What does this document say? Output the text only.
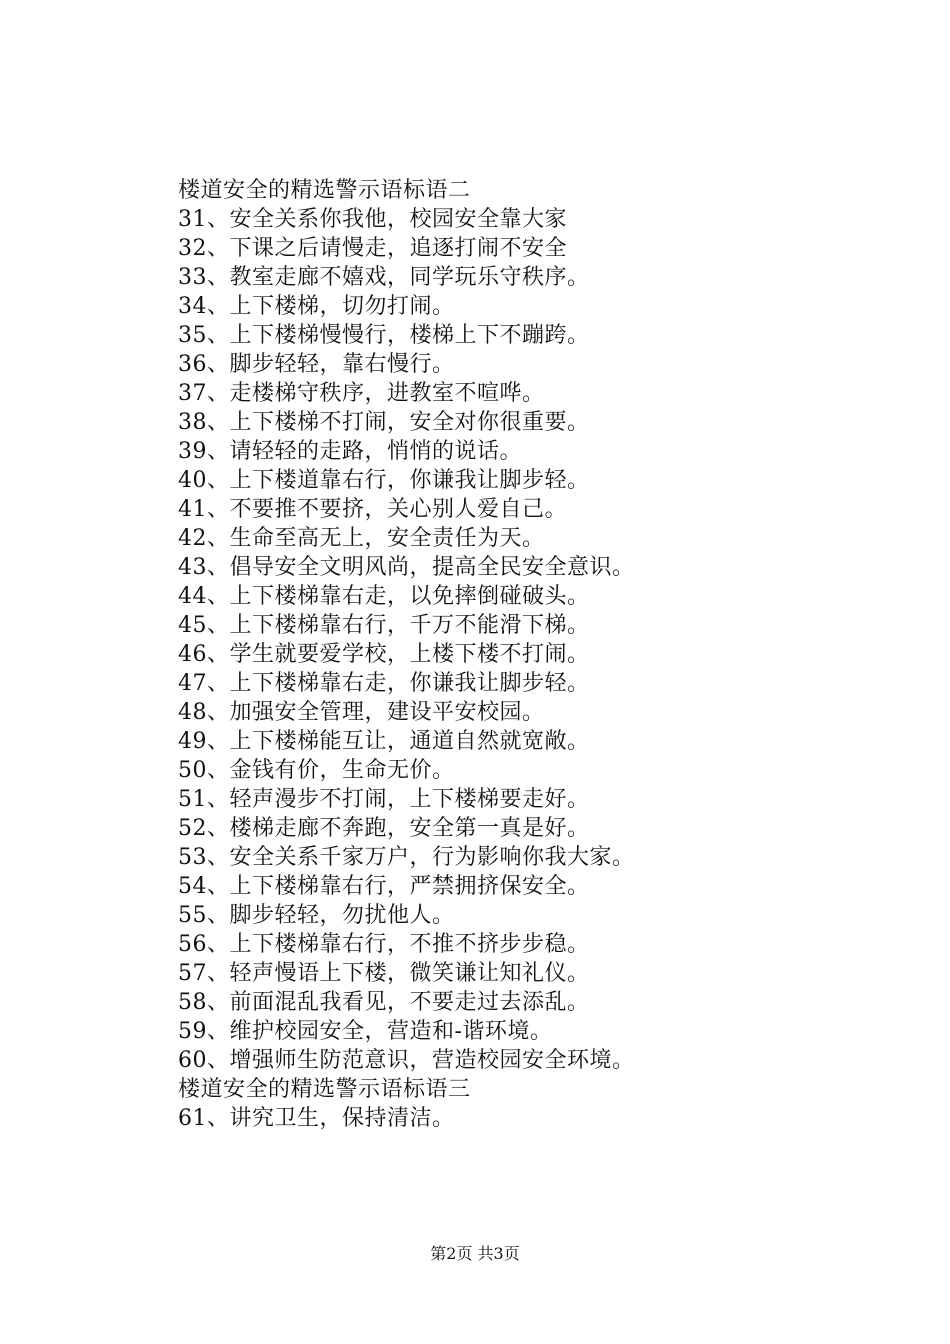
楼道安全的精选警示语标语二
31、安全关系你我他，校园安全靠大家
32、下课之后请慢走，追逐打闹不安全
33、教室走廊不嬉戏，同学玩乐守秩序。
34、上下楼梯，切勿打闹。
35、上下楼梯慢慢行，楼梯上下不蹦跨。
36、脚步轻轻，靠右慢行。
37、走楼梯守秩序，进教室不喧哗。
38、上下楼梯不打闹，安全对你很重要。
39、请轻轻的走路，悄悄的说话。
40、上下楼道靠右行，你谦我让脚步轻。
41、不要推不要挤，关心别人爱自己。
42、生命至高无上，安全责任为天。
43、倡导安全文明风尚，提高全民安全意识。
44、上下楼梯靠右走，以免摔倒碰破头。
45、上下楼梯靠右行，千万不能滑下梯。
46、学生就要爱学校，上楼下楼不打闹。
47、上下楼梯靠右走，你谦我让脚步轻。
48、加强安全管理，建设平安校园。
49、上下楼梯能互让，通道自然就宽敞。
50、金钱有价，生命无价。
51、轻声漫步不打闹，上下楼梯要走好。
52、楼梯走廊不奔跑，安全第一真是好。
53、安全关系千家万户，行为影响你我大家。
54、上下楼梯靠右行，严禁拥挤保安全。
55、脚步轻轻，勿扰他人。
56、上下楼梯靠右行，不推不挤步步稳。
57、轻声慢语上下楼，微笑谦让知礼仪。
58、前面混乱我看见，不要走过去添乱。
59、维护校园安全，营造和-谐环境。
60、增强师生防范意识，营造校园安全环境。
楼道安全的精选警示语标语三
61、讲究卫生，保持清洁。
第2页 共3页
